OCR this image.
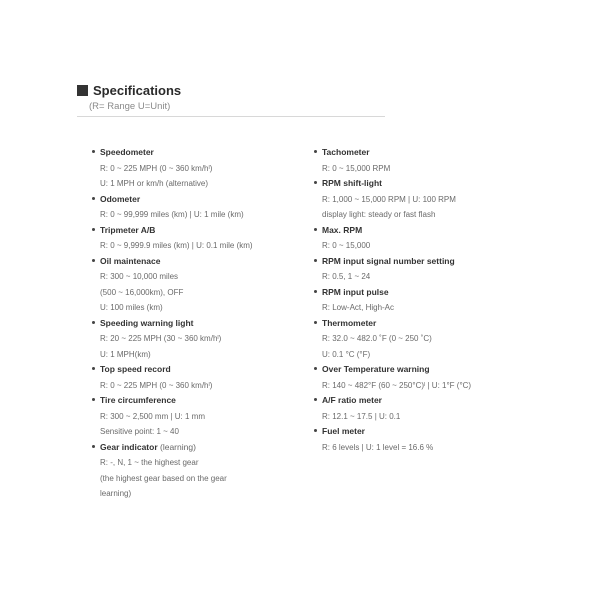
Specifications
(R= Range U=Unit)
Speedometer
R: 0 ~ 225 MPH (0 ~ 360 km/hˡ)
U: 1 MPH or km/h (alternative)
Odometer
R: 0 ~ 99,999 miles (km) | U: 1 mile (km)
Tripmeter A/B
R: 0 ~ 9,999.9 miles (km) | U: 0.1 mile (km)
Oil maintenace
R: 300 ~ 10,000 miles
(500 ~ 16,000km), OFF
U: 100 miles (km)
Speeding warning light
R: 20 ~ 225 MPH (30 ~ 360 km/hˡ)
U: 1 MPH(km)
Top speed record
R: 0 ~ 225 MPH (0 ~ 360 km/hˡ)
Tire circumference
R: 300 ~ 2,500 mm | U: 1 mm
Sensitive point: 1 ~ 40
Gear indicator (learning)
R: -, N, 1 ~ the highest gear
(the highest gear based on the gear
learning)
Tachometer
R: 0 ~ 15,000 RPM
RPM shift-light
R: 1,000 ~ 15,000 RPM | U: 100 RPM
display light: steady or fast flash
Max. RPM
R: 0 ~ 15,000
RPM input signal number setting
R: 0.5, 1 ~ 24
RPM input pulse
R: Low-Act, High-Ac
Thermometer
R: 32.0 ~ 482.0 ˚F (0 ~ 250 ˚C)
U: 0.1 °C (°F)
Over Temperature warning
R: 140 ~ 482°F (60 ~ 250°C)ˡ | U: 1°F (°C)
A/F ratio meter
R: 12.1 ~ 17.5 | U: 0.1
Fuel meter
R: 6 levels | U: 1 level = 16.6 %
